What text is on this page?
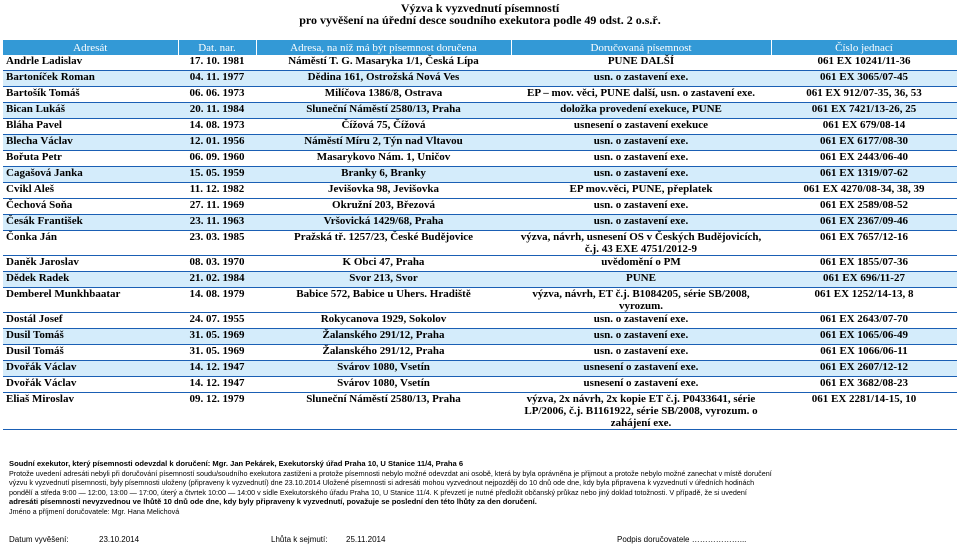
Výzva k vyzvednutí písemností
pro vyvěšení na úřední desce soudního exekutora podle 49 odst. 2 o.s.ř.
Adresát	Dat. nar.	Adresa, na níž má být písemnost doručena	Doručovaná písemnost	Číslo jednací
Andrle Ladislav	17. 10. 1981	Náměstí T. G. Masaryka 1/1, Česká Lípa	PUNE DALŠÍ	061 EX 10241/11-36
Bartoníček Roman	04. 11. 1977	Dědina 161, Ostrožská Nová Ves	usn. o zastavení exe.	061 EX 3065/07-45
Bartošík Tomáš	06. 06. 1973	Milíčova 1386/8, Ostrava	EP – mov. věci, PUNE další, usn. o zastavení exe.	061 EX 912/07-35, 36, 53
Bican Lukáš	20. 11. 1984	Sluneční Náměstí 2580/13, Praha	doložka provedení exekuce, PUNE	061 EX 7421/13-26, 25
Bláha Pavel	14. 08. 1973	Čížová 75, Čížová	usnesení o zastavení exekuce	061 EX 679/08-14
Blecha Václav	12. 01. 1956	Náměstí Míru 2, Týn nad Vltavou	usn. o zastavení exe.	061 EX 6177/08-30
Bořuta Petr	06. 09. 1960	Masarykovo Nám. 1, Uničov	usn. o zastavení exe.	061 EX 2443/06-40
Cagašová Janka	15. 05. 1959	Branky 6, Branky	usn. o zastavení exe.	061 EX 1319/07-62
Cvikl Aleš	11. 12. 1982	Jevišovka 98, Jevišovka	EP mov.věci, PUNE, přeplatek	061 EX 4270/08-34, 38, 39
Čechová Soňa	27. 11. 1969	Okružní 203, Březová	usn. o zastavení exe.	061 EX 2589/08-52
Česák František	23. 11. 1963	Vršovická 1429/68, Praha	usn. o zastavení exe.	061 EX 2367/09-46
Čonka Ján	23. 03. 1985	Pražská tř. 1257/23, České Budějovice	výzva, návrh, usnesení OS v Českých Budějovicích, č.j. 43 EXE 4751/2012-9	061 EX 7657/12-16
Daněk Jaroslav	08. 03. 1970	K Obci 47, Praha	uvědomění o PM	061 EX 1855/07-36
Dědek Radek	21. 02. 1984	Svor 213, Svor	PUNE	061 EX 696/11-27
Demberel Munkhbaatar	14. 08. 1979	Babice 572, Babice u Uhers. Hradiště	výzva, návrh, ET č.j. B1084205, série SB/2008, vyrozum.	061 EX 1252/14-13, 8
Dostál Josef	24. 07. 1955	Rokycanova 1929, Sokolov	usn. o zastavení exe.	061 EX 2643/07-70
Dusil Tomáš	31. 05. 1969	Žalanského 291/12, Praha	usn. o zastavení exe.	061 EX 1065/06-49
Dusil Tomáš	31. 05. 1969	Žalanského 291/12, Praha	usn. o zastavení exe.	061 EX 1066/06-11
Dvořák Václav	14. 12. 1947	Svárov 1080, Vsetín	usnesení o zastavení exe.	061 EX 2607/12-12
Dvořák Václav	14. 12. 1947	Svárov 1080, Vsetín	usnesení o zastavení exe.	061 EX 3682/08-23
Eliaš Miroslav	09. 12. 1979	Sluneční Náměstí 2580/13, Praha	výzva, 2x návrh, 2x kopie ET č.j. P0433641, série LP/2006, č.j. B1161922, série SB/2008, vyrozum. o zahájení exe.	061 EX 2281/14-15, 10
Soudní exekutor, který písemnosti odevzdal k doručení: Mgr. Jan Pekárek, Exekutorský úřad Praha 10, U Stanice 11/4, Praha 6
Protože uvedení adresáti nebyli při doručování písemností soudu/soudního exekutora zastiženi a protože písemnosti nebylo možné odevzdat ani osobě, která by byla oprávněna je přijmout a protože nebylo možné zanechat v místě doručení
výzvu k vyzvednutí písemnosti, byly písemnosti uloženy (připraveny k vyzvednutí) dne 23.10.2014 Uložené písemnosti si adresáti mohou vyzvednout nejpozději do 10 dnů ode dne, kdy byla připravena k vyzvednutí v úředních hodinách
pondělí a středa 9:00 — 12:00, 13:00 — 17:00, úterý a čtvrtek 10:00 — 14:00 v sídle Exekutorského úřadu Praha 10, U Stanice 11/4. K převzetí je nutné předložit občanský průkaz nebo jiný doklad totožnosti. V případě, že si uvedení
adresáti písemnosti nevyzvednou ve lhůtě 10 dnů ode dne, kdy byly připraveny k vyzvednutí, považuje se poslední den této lhůty za den doručení.
Jméno a příjmení doručovatele: Mgr. Hana Melichová
Datum vyvěšení:	23.10.2014	Lhůta k sejmutí: 25.11.2014	Podpis doručovatele ………………...
